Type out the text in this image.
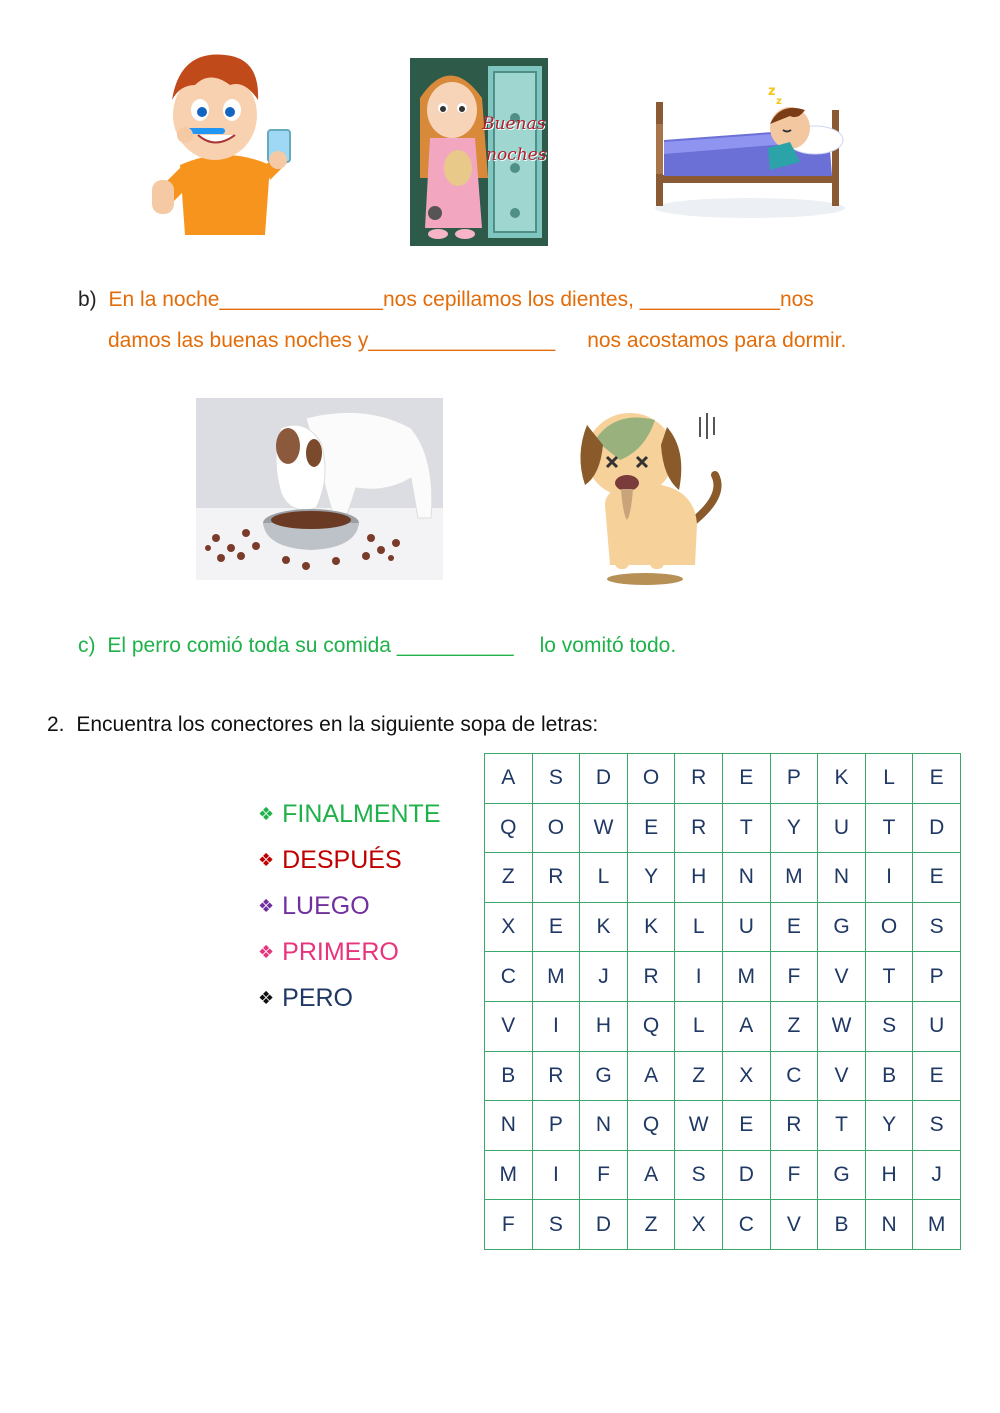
Buenas
noches
z
z
b) En la noche______________nos cepillamos los dientes, ____________nos
damos las buenas noches y________________ nos acostamos para dormir.
c) El perro comió toda su comida __________ lo vomitó todo.
2. Encuentra los conectores en la siguiente sopa de letras:
❖ FINALMENTE
❖ DESPUÉS
❖ LUEGO
❖ PRIMERO
❖ PERO
A	S	D	O	R	E	P	K	L	E
Q	O	W	E	R	T	Y	U	T	D
Z	R	L	Y	H	N	M	N	I	E
X	E	K	K	L	U	E	G	O	S
C	M	J	R	I	M	F	V	T	P
V	I	H	Q	L	A	Z	W	S	U
B	R	G	A	Z	X	C	V	B	E
N	P	N	Q	W	E	R	T	Y	S
M	I	F	A	S	D	F	G	H	J
F	S	D	Z	X	C	V	B	N	M
